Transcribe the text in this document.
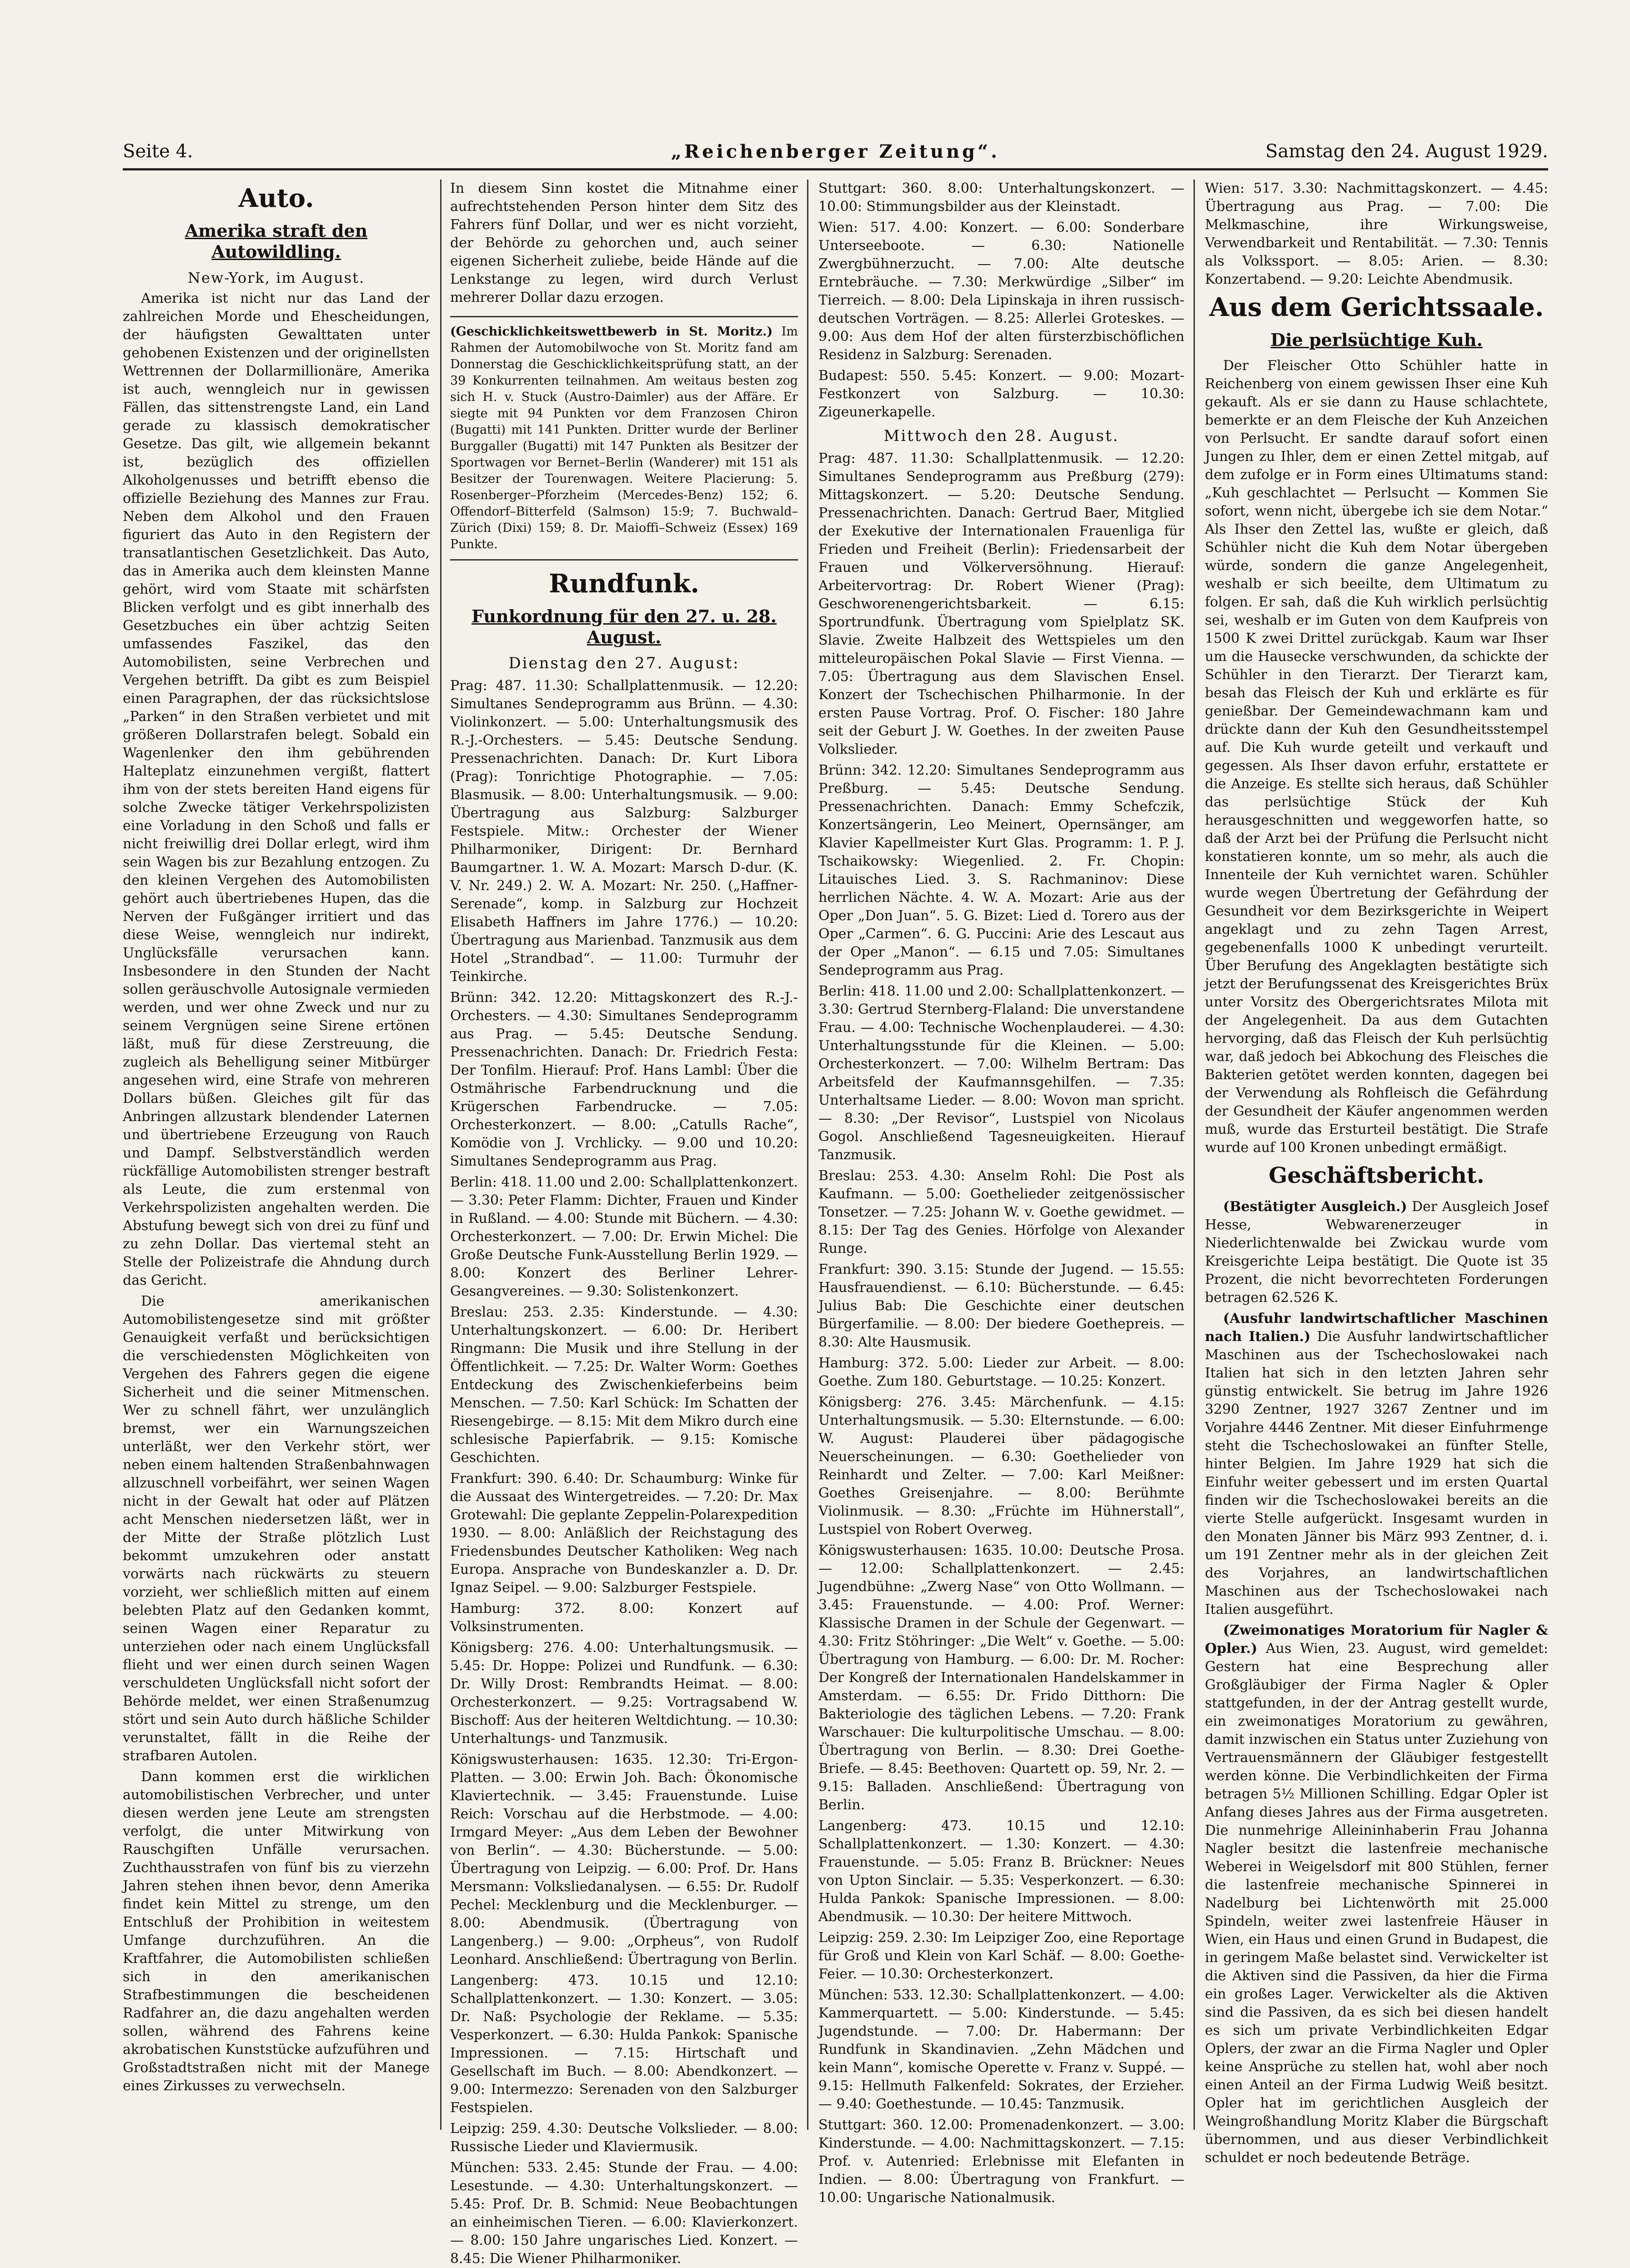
Seite 4.	„Reichenberger Zeitung“.	Samstag den 24. August 1929.
Auto.
Amerika straft den Autowildling.
New-York, im August.

Amerika ist nicht nur das Land der zahlreichen Morde und Ehescheidungen, der häufigsten Gewalttaten unter gehobenen Existenzen und der originellsten Wettrennen der Dollarmillionäre, Amerika ist auch, wenngleich nur in gewissen Fällen, das sittenstrengste Land, ein Land gerade zu klassisch demokratischer Gesetze. Das gilt, wie allgemein bekannt ist, bezüglich des offiziellen Alkoholgenusses und betrifft ebenso die offizielle Beziehung des Mannes zur Frau. Neben dem Alkohol und den Frauen figuriert das Auto in den Registern der transatlantischen Gesetzlichkeit. Das Auto, das in Amerika auch dem kleinsten Manne gehört, wird vom Staate mit schärfsten Blicken verfolgt und es gibt innerhalb des Gesetzbuches ein über achtzig Seiten umfassendes Faszikel, das den Automobilisten, seine Verbrechen und Vergehen betrifft. Da gibt es zum Beispiel einen Paragraphen, der das rücksichtslose „Parken“ in den Straßen verbietet und mit größeren Dollarstrafen belegt. Sobald ein Wagenlenker den ihm gebührenden Halteplatz einzunehmen vergißt, flattert ihm von der stets bereiten Hand eigens für solche Zwecke tätiger Verkehrspolizisten eine Vorladung in den Schoß und falls er nicht freiwillig drei Dollar erlegt, wird ihm sein Wagen bis zur Bezahlung entzogen. Zu den kleinen Vergehen des Automobilisten gehört auch übertriebenes Hupen, das die Nerven der Fußgänger irritiert und das diese Weise, wenngleich nur indirekt, Unglücksfälle verursachen kann. Insbesondere in den Stunden der Nacht sollen geräuschvolle Autosignale vermieden werden, und wer ohne Zweck und nur zu seinem Vergnügen seine Sirene ertönen läßt, muß für diese Zerstreuung, die zugleich als Behelligung seiner Mitbürger angesehen wird, eine Strafe von mehreren Dollars büßen. Gleiches gilt für das Anbringen allzustark blendender Laternen und übertriebene Erzeugung von Rauch und Dampf. Selbstverständlich werden rückfällige Automobilisten strenger bestraft als Leute, die zum erstenmal von Verkehrspolizisten angehalten werden. Die Abstufung bewegt sich von drei zu fünf und zu zehn Dollar. Das viertemal steht an Stelle der Polizeistrafe die Ahndung durch das Gericht.

Die amerikanischen Automobilistengesetze sind mit größter Genauigkeit verfaßt und berücksichtigen die verschiedensten Möglichkeiten von Vergehen des Fahrers gegen die eigene Sicherheit und die seiner Mitmenschen. Wer zu schnell fährt, wer unzulänglich bremst, wer ein Warnungszeichen unterläßt, wer den Verkehr stört, wer neben einem haltenden Straßenbahnwagen allzuschnell vorbeifährt, wer seinen Wagen nicht in der Gewalt hat oder auf Plätzen acht Menschen niedersetzen läßt, wer in der Mitte der Straße plötzlich Lust bekommt umzukehren oder anstatt vorwärts nach rückwärts zu steuern vorzieht, wer schließlich mitten auf einem belebten Platz auf den Gedanken kommt, seinen Wagen einer Reparatur zu unterziehen oder nach einem Unglücksfall flieht und wer einen durch seinen Wagen verschuldeten Unglücksfall nicht sofort der Behörde meldet, wer einen Straßenumzug stört und sein Auto durch häßliche Schilder verunstaltet, fällt in die Reihe der strafbaren Autolen.

Dann kommen erst die wirklichen automobilistischen Verbrecher, und unter diesen werden jene Leute am strengsten verfolgt, die unter Mitwirkung von Rauschgiften Unfälle verursachen. Zuchthausstrafen von fünf bis zu vierzehn Jahren stehen ihnen bevor, denn Amerika findet kein Mittel zu strenge, um den Entschluß der Prohibition in weitestem Umfange durchzuführen. An die Kraftfahrer, die Automobilisten schließen sich in den amerikanischen Strafbestimmungen die bescheidenen Radfahrer an, die dazu angehalten werden sollen, während des Fahrens keine akrobatischen Kunststücke aufzuführen und Großstadtstraßen nicht mit der Manege eines Zirkusses zu verwechseln.

In diesem Sinn kostet die Mitnahme einer aufrechtstehenden Person hinter dem Sitz des Fahrers fünf Dollar, und wer es nicht vorzieht, der Behörde zu gehorchen und, auch seiner eigenen Sicherheit zuliebe, beide Hände auf die Lenkstange zu legen, wird durch Verlust mehrerer Dollar dazu erzogen.

(Geschicklichkeitswettbewerb in St. Moritz.) Im Rahmen der Automobilwoche von St. Moritz fand am Donnerstag die Geschicklichkeitsprüfung statt, an der 39 Konkurrenten teilnahmen. Am weitaus besten zog sich H. v. Stuck (Austro-Daimler) aus der Affäre. Er siegte mit 94 Punkten vor dem Franzosen Chiron (Bugatti) mit 141 Punkten. Dritter wurde der Berliner Burggaller (Bugatti) mit 147 Punkten als Besitzer der Sportwagen vor Bernet–Berlin (Wanderer) mit 151 als Besitzer der Tourenwagen. Weitere Placierung: 5. Rosenberger–Pforzheim (Mercedes-Benz) 152; 6. Offendorf–Bitterfeld (Salmson) 15:9; 7. Buchwald–Zürich (Dixi) 159; 8. Dr. Maioffi–Schweiz (Essex) 169 Punkte.
Rundfunk.
Funkordnung für den 27. u. 28. August.
Dienstag den 27. August:

Prag: 487. 11.30: Schallplattenmusik. — 12.20: Simultanes Sendeprogramm aus Brünn. — 4.30: Violinkonzert. — 5.00: Unterhaltungsmusik des R.-J.-Orchesters. — 5.45: Deutsche Sendung. Pressenachrichten. Danach: Dr. Kurt Libora (Prag): Tonrichtige Photographie. — 7.05: Blasmusik. — 8.00: Unterhaltungsmusik. — 9.00: Übertragung aus Salzburg: Salzburger Festspiele. Mitw.: Orchester der Wiener Philharmoniker, Dirigent: Dr. Bernhard Baumgartner. 1. W. A. Mozart: Marsch D-dur. (K. V. Nr. 249.) 2. W. A. Mozart: Nr. 250. („Haffner-Serenade“, komp. in Salzburg zur Hochzeit Elisabeth Haffners im Jahre 1776.) — 10.20: Übertragung aus Marienbad. Tanzmusik aus dem Hotel „Strandbad“. — 11.00: Turmuhr der Teinkirche.

Brünn: 342. 12.20: Mittagskonzert des R.-J.-Orchesters. — 4.30: Simultanes Sendeprogramm aus Prag. — 5.45: Deutsche Sendung. Pressenachrichten. Danach: Dr. Friedrich Festa: Der Tonfilm. Hierauf: Prof. Hans Lambl: Über die Ostmährische Farbendrucknung und die Krügerschen Farbendrucke. — 7.05: Orchesterkonzert. — 8.00: „Catulls Rache“, Komödie von J. Vrchlicky. — 9.00 und 10.20: Simultanes Sendeprogramm aus Prag.

Berlin: 418. 11.00 und 2.00: Schallplattenkonzert. — 3.30: Peter Flamm: Dichter, Frauen und Kinder in Rußland. — 4.00: Stunde mit Büchern. — 4.30: Orchesterkonzert. — 7.00: Dr. Erwin Michel: Die Große Deutsche Funk-Ausstellung Berlin 1929. — 8.00: Konzert des Berliner Lehrer-Gesangvereines. — 9.30: Solistenkonzert.

Breslau: 253. 2.35: Kinderstunde. — 4.30: Unterhaltungskonzert. — 6.00: Dr. Heribert Ringmann: Die Musik und ihre Stellung in der Öffentlichkeit. — 7.25: Dr. Walter Worm: Goethes Entdeckung des Zwischenkieferbeins beim Menschen. — 7.50: Karl Schück: Im Schatten der Riesengebirge. — 8.15: Mit dem Mikro durch eine schlesische Papierfabrik. — 9.15: Komische Geschichten.

Frankfurt: 390. 6.40: Dr. Schaumburg: Winke für die Aussaat des Wintergetreides. — 7.20: Dr. Max Grotewahl: Die geplante Zeppelin-Polarexpedition 1930. — 8.00: Anläßlich der Reichstagung des Friedensbundes Deutscher Katholiken: Weg nach Europa. Ansprache von Bundeskanzler a. D. Dr. Ignaz Seipel. — 9.00: Salzburger Festspiele.

Hamburg: 372. 8.00: Konzert auf Volksinstrumenten.

Königsberg: 276. 4.00: Unterhaltungsmusik. — 5.45: Dr. Hoppe: Polizei und Rundfunk. — 6.30: Dr. Willy Drost: Rembrandts Heimat. — 8.00: Orchesterkonzert. — 9.25: Vortragsabend W. Bischoff: Aus der heiteren Weltdichtung. — 10.30: Unterhaltungs- und Tanzmusik.

Königswusterhausen: 1635. 12.30: Tri-Ergon-Platten. — 3.00: Erwin Joh. Bach: Ökonomische Klaviertechnik. — 3.45: Frauenstunde. Luise Reich: Vorschau auf die Herbstmode. — 4.00: Irmgard Meyer: „Aus dem Leben der Bewohner von Berlin“. — 4.30: Bücherstunde. — 5.00: Übertragung von Leipzig. — 6.00: Prof. Dr. Hans Mersmann: Volksliedanalysen. — 6.55: Dr. Rudolf Pechel: Mecklenburg und die Mecklenburger. — 8.00: Abendmusik. (Übertragung von Langenberg.) — 9.00: „Orpheus“, von Rudolf Leonhard. Anschließend: Übertragung von Berlin.

Langenberg: 473. 10.15 und 12.10: Schallplattenkonzert. — 1.30: Konzert. — 3.05: Dr. Naß: Psychologie der Reklame. — 5.35: Vesperkonzert. — 6.30: Hulda Pankok: Spanische Impressionen. — 7.15: Hirtschaft und Gesellschaft im Buch. — 8.00: Abendkonzert. — 9.00: Intermezzo: Serenaden von den Salzburger Festspielen.

Leipzig: 259. 4.30: Deutsche Volkslieder. — 8.00: Russische Lieder und Klaviermusik.

München: 533. 2.45: Stunde der Frau. — 4.00: Lesestunde. — 4.30: Unterhaltungskonzert. — 5.45: Prof. Dr. B. Schmid: Neue Beobachtungen an einheimischen Tieren. — 6.00: Klavierkonzert. — 8.00: 150 Jahre ungarisches Lied. Konzert. — 8.45: Die Wiener Philharmoniker.

Stuttgart: 360. 8.00: Unterhaltungskonzert. — 10.00: Stimmungsbilder aus der Kleinstadt.

Wien: 517. 4.00: Konzert. — 6.00: Sonderbare Unterseeboote. — 6.30: Nationelle Zwergbühnerzucht. — 7.00: Alte deutsche Erntebräuche. — 7.30: Merkwürdige „Silber“ im Tierreich. — 8.00: Dela Lipinskaja in ihren russisch-deutschen Vorträgen. — 8.25: Allerlei Groteskes. — 9.00: Aus dem Hof der alten fürsterzbischöflichen Residenz in Salzburg: Serenaden.

Budapest: 550. 5.45: Konzert. — 9.00: Mozart-Festkonzert von Salzburg. — 10.30: Zigeunerkapelle.

Mittwoch den 28. August.

Prag: 487. 11.30: Schallplattenmusik. — 12.20: Simultanes Sendeprogramm aus Preßburg (279): Mittagskonzert. — 5.20: Deutsche Sendung. Pressenachrichten. Danach: Gertrud Baer, Mitglied der Exekutive der Internationalen Frauenliga für Frieden und Freiheit (Berlin): Friedensarbeit der Frauen und Völkerversöhnung. Hierauf: Arbeitervortrag: Dr. Robert Wiener (Prag): Geschworenengerichtsbarkeit. — 6.15: Sportrundfunk. Übertragung vom Spielplatz SK. Slavie. Zweite Halbzeit des Wettspieles um den mitteleuropäischen Pokal Slavie — First Vienna. — 7.05: Übertragung aus dem Slavischen Ensel. Konzert der Tschechischen Philharmonie. In der ersten Pause Vortrag. Prof. O. Fischer: 180 Jahre seit der Geburt J. W. Goethes. In der zweiten Pause Volkslieder.

Brünn: 342. 12.20: Simultanes Sendeprogramm aus Preßburg. — 5.45: Deutsche Sendung. Pressenachrichten. Danach: Emmy Schefczik, Konzertsängerin, Leo Meinert, Opernsänger, am Klavier Kapellmeister Kurt Glas. Programm: 1. P. J. Tschaikowsky: Wiegenlied. 2. Fr. Chopin: Litauisches Lied. 3. S. Rachmaninov: Diese herrlichen Nächte. 4. W. A. Mozart: Arie aus der Oper „Don Juan“. 5. G. Bizet: Lied d. Torero aus der Oper „Carmen“. 6. G. Puccini: Arie des Lescaut aus der Oper „Manon“. — 6.15 und 7.05: Simultanes Sendeprogramm aus Prag.

Berlin: 418. 11.00 und 2.00: Schallplattenkonzert. — 3.30: Gertrud Sternberg-Flaland: Die unverstandene Frau. — 4.00: Technische Wochenplauderei. — 4.30: Unterhaltungsstunde für die Kleinen. — 5.00: Orchesterkonzert. — 7.00: Wilhelm Bertram: Das Arbeitsfeld der Kaufmannsgehilfen. — 7.35: Unterhaltsame Lieder. — 8.00: Wovon man spricht. — 8.30: „Der Revisor“, Lustspiel von Nicolaus Gogol. Anschließend Tagesneuigkeiten. Hierauf Tanzmusik.

Breslau: 253. 4.30: Anselm Rohl: Die Post als Kaufmann. — 5.00: Goethelieder zeitgenössischer Tonsetzer. — 7.25: Johann W. v. Goethe gewidmet. — 8.15: Der Tag des Genies. Hörfolge von Alexander Runge.

Frankfurt: 390. 3.15: Stunde der Jugend. — 15.55: Hausfrauendienst. — 6.10: Bücherstunde. — 6.45: Julius Bab: Die Geschichte einer deutschen Bürgerfamilie. — 8.00: Der biedere Goethepreis. — 8.30: Alte Hausmusik.

Hamburg: 372. 5.00: Lieder zur Arbeit. — 8.00: Goethe. Zum 180. Geburtstage. — 10.25: Konzert.

Königsberg: 276. 3.45: Märchenfunk. — 4.15: Unterhaltungsmusik. — 5.30: Elternstunde. — 6.00: W. August: Plauderei über pädagogische Neuerscheinungen. — 6.30: Goethelieder von Reinhardt und Zelter. — 7.00: Karl Meißner: Goethes Greisenjahre. — 8.00: Berühmte Violinmusik. — 8.30: „Früchte im Hühnerstall“, Lustspiel von Robert Overweg.

Königswusterhausen: 1635. 10.00: Deutsche Prosa. — 12.00: Schallplattenkonzert. — 2.45: Jugendbühne: „Zwerg Nase“ von Otto Wollmann. — 3.45: Frauenstunde. — 4.00: Prof. Werner: Klassische Dramen in der Schule der Gegenwart. — 4.30: Fritz Stöhringer: „Die Welt“ v. Goethe. — 5.00: Übertragung von Hamburg. — 6.00: Dr. M. Rocher: Der Kongreß der Internationalen Handelskammer in Amsterdam. — 6.55: Dr. Frido Ditthorn: Die Bakteriologie des täglichen Lebens. — 7.20: Frank Warschauer: Die kulturpolitische Umschau. — 8.00: Übertragung von Berlin. — 8.30: Drei Goethe-Briefe. — 8.45: Beethoven: Quartett op. 59, Nr. 2. — 9.15: Balladen. Anschließend: Übertragung von Berlin.

Langenberg: 473. 10.15 und 12.10: Schallplattenkonzert. — 1.30: Konzert. — 4.30: Frauenstunde. — 5.05: Franz B. Brückner: Neues von Upton Sinclair. — 5.35: Vesperkonzert. — 6.30: Hulda Pankok: Spanische Impressionen. — 8.00: Abendmusik. — 10.30: Der heitere Mittwoch.

Leipzig: 259. 2.30: Im Leipziger Zoo, eine Reportage für Groß und Klein von Karl Schäf. — 8.00: Goethe-Feier. — 10.30: Orchesterkonzert.

München: 533. 12.30: Schallplattenkonzert. — 4.00: Kammerquartett. — 5.00: Kinderstunde. — 5.45: Jugendstunde. — 7.00: Dr. Habermann: Der Rundfunk in Skandinavien. „Zehn Mädchen und kein Mann“, komische Operette v. Franz v. Suppé. — 9.15: Hellmuth Falkenfeld: Sokrates, der Erzieher. — 9.40: Goethestunde. — 10.45: Tanzmusik.

Stuttgart: 360. 12.00: Promenadenkonzert. — 3.00: Kinderstunde. — 4.00: Nachmittagskonzert. — 7.15: Prof. v. Autenried: Erlebnisse mit Elefanten in Indien. — 8.00: Übertragung von Frankfurt. — 10.00: Ungarische Nationalmusik.

Wien: 517. 3.30: Nachmittagskonzert. — 4.45: Übertragung aus Prag. — 7.00: Die Melkmaschine, ihre Wirkungsweise, Verwendbarkeit und Rentabilität. — 7.30: Tennis als Volkssport. — 8.05: Arien. — 8.30: Konzertabend. — 9.20: Leichte Abendmusik.

Aus dem Gerichtssaale.
Die perlsüchtige Kuh.

Der Fleischer Otto Schühler hatte in Reichenberg von einem gewissen Ihser eine Kuh gekauft. Als er sie dann zu Hause schlachtete, bemerkte er an dem Fleische der Kuh Anzeichen von Perlsucht. Er sandte darauf sofort einen Jungen zu Ihler, dem er einen Zettel mitgab, auf dem zufolge er in Form eines Ultimatums stand: „Kuh geschlachtet — Perlsucht — Kommen Sie sofort, wenn nicht, übergebe ich sie dem Notar.“ Als Ihser den Zettel las, wußte er gleich, daß Schühler nicht die Kuh dem Notar übergeben würde, sondern die ganze Angelegenheit, weshalb er sich beeilte, dem Ultimatum zu folgen. Er sah, daß die Kuh wirklich perlsüchtig sei, weshalb er im Guten von dem Kaufpreis von 1500 K zwei Drittel zurückgab. Kaum war Ihser um die Hausecke verschwunden, da schickte der Schühler in den Tierarzt. Der Tierarzt kam, besah das Fleisch der Kuh und erklärte es für genießbar. Der Gemeindewachmann kam und drückte dann der Kuh den Gesundheitsstempel auf. Die Kuh wurde geteilt und verkauft und gegessen. Als Ihser davon erfuhr, erstattete er die Anzeige. Es stellte sich heraus, daß Schühler das perlsüchtige Stück der Kuh herausgeschnitten und weggeworfen hatte, so daß der Arzt bei der Prüfung die Perlsucht nicht konstatieren konnte, um so mehr, als auch die Innenteile der Kuh vernichtet waren. Schühler wurde wegen Übertretung der Gefährdung der Gesundheit vor dem Bezirksgerichte in Weipert angeklagt und zu zehn Tagen Arrest, gegebenenfalls 1000 K unbedingt verurteilt. Über Berufung des Angeklagten bestätigte sich jetzt der Berufungssenat des Kreisgerichtes Brüx unter Vorsitz des Obergerichtsrates Milota mit der Angelegenheit. Da aus dem Gutachten hervorging, daß das Fleisch der Kuh perlsüchtig war, daß jedoch bei Abkochung des Fleisches die Bakterien getötet werden konnten, dagegen bei der Verwendung als Rohfleisch die Gefährdung der Gesundheit der Käufer angenommen werden muß, wurde das Ersturteil bestätigt. Die Strafe wurde auf 100 Kronen unbedingt ermäßigt.

Geschäftsbericht.

(Bestätigter Ausgleich.) Der Ausgleich Josef Hesse, Webwarenerzeuger in Niederlichtenwalde bei Zwickau wurde vom Kreisgerichte Leipa bestätigt. Die Quote ist 35 Prozent, die nicht bevorrechteten Forderungen betragen 62.526 K.

(Ausfuhr landwirtschaftlicher Maschinen nach Italien.) Die Ausfuhr landwirtschaftlicher Maschinen aus der Tschechoslowakei nach Italien hat sich in den letzten Jahren sehr günstig entwickelt. Sie betrug im Jahre 1926 3290 Zentner, 1927 3267 Zentner und im Vorjahre 4446 Zentner. Mit dieser Einfuhrmenge steht die Tschechoslowakei an fünfter Stelle, hinter Belgien. Im Jahre 1929 hat sich die Einfuhr weiter gebessert und im ersten Quartal finden wir die Tschechoslowakei bereits an die vierte Stelle aufgerückt. Insgesamt wurden in den Monaten Jänner bis März 993 Zentner, d. i. um 191 Zentner mehr als in der gleichen Zeit des Vorjahres, an landwirtschaftlichen Maschinen aus der Tschechoslowakei nach Italien ausgeführt.

(Zweimonatiges Moratorium für Nagler & Opler.) Aus Wien, 23. August, wird gemeldet: Gestern hat eine Besprechung aller Großgläubiger der Firma Nagler & Opler stattgefunden, in der der Antrag gestellt wurde, ein zweimonatiges Moratorium zu gewähren, damit inzwischen ein Status unter Zuziehung von Vertrauensmännern der Gläubiger festgestellt werden könne. Die Verbindlichkeiten der Firma betragen 5½ Millionen Schilling. Edgar Opler ist Anfang dieses Jahres aus der Firma ausgetreten. Die nunmehrige Alleininhaberin Frau Johanna Nagler besitzt die lastenfreie mechanische Weberei in Weigelsdorf mit 800 Stühlen, ferner die lastenfreie mechanische Spinnerei in Nadelburg bei Lichtenwörth mit 25.000 Spindeln, weiter zwei lastenfreie Häuser in Wien, ein Haus und einen Grund in Budapest, die in geringem Maße belastet sind. Verwickelter ist die Aktiven sind die Passiven, da hier die Firma ein großes Lager. Verwickelter als die Aktiven sind die Passiven, da es sich bei diesen handelt es sich um private Verbindlichkeiten Edgar Oplers, der zwar an die Firma Nagler und Opler keine Ansprüche zu stellen hat, wohl aber noch einen Anteil an der Firma Ludwig Weiß besitzt. Opler hat im gerichtlichen Ausgleich der Weingroßhandlung Moritz Klaber die Bürgschaft übernommen, und aus dieser Verbindlichkeit schuldet er noch bedeutende Beträge.
